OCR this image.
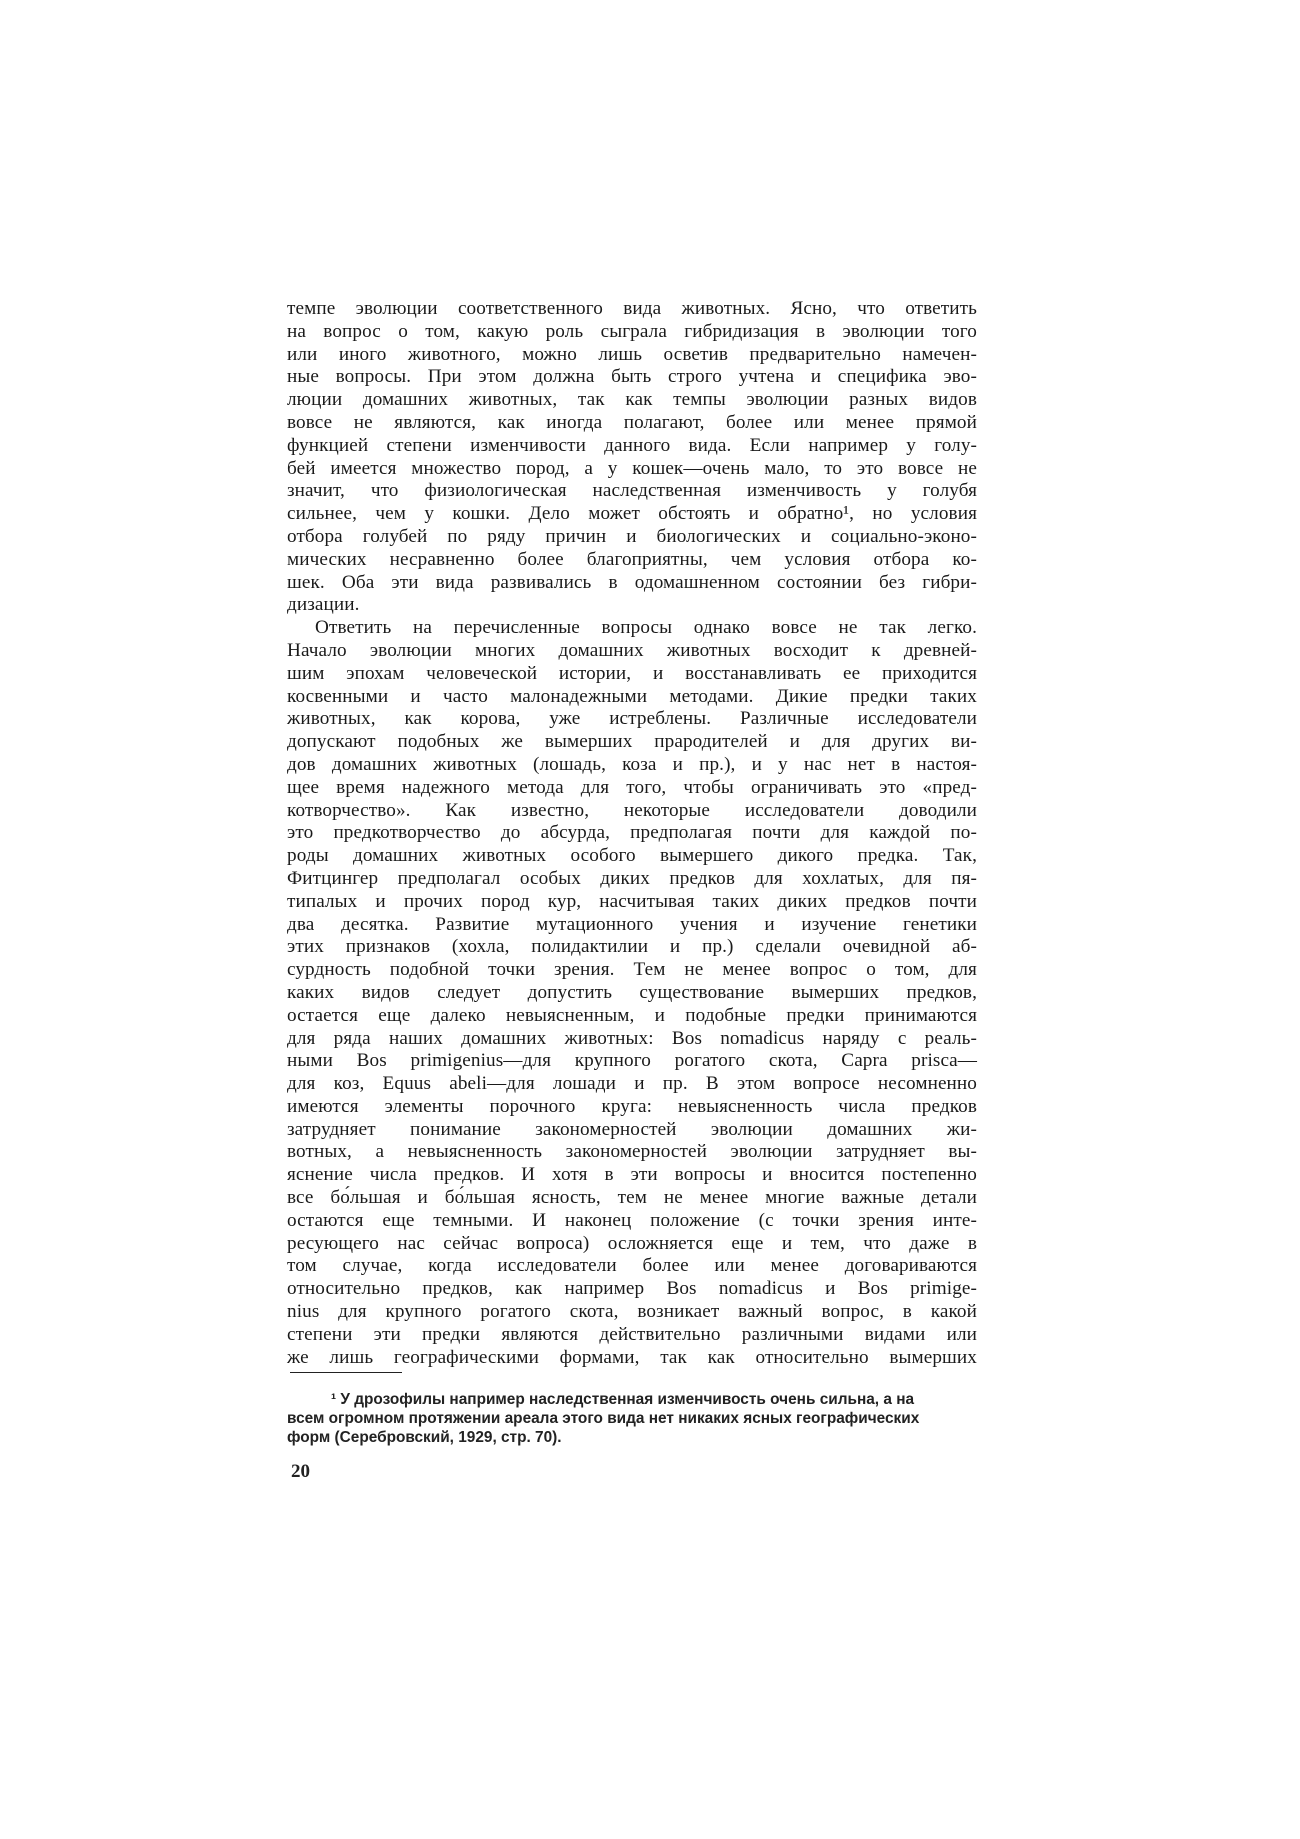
темпе эволюции соответственного вида животных. Ясно, что ответить
на вопрос о том, какую роль сыграла гибридизация в эволюции того
или иного животного, можно лишь осветив предварительно намечен-
ные вопросы. При этом должна быть строго учтена и специфика эво-
люции домашних животных, так как темпы эволюции разных видов
вовсе не являются, как иногда полагают, более или менее прямой
функцией степени изменчивости данного вида. Если например у голу-
бей имеется множество пород, а у кошек—очень мало, то это вовсе не
значит, что физиологическая наследственная изменчивость у голубя
сильнее, чем у кошки. Дело может обстоять и обратно¹, но условия
отбора голубей по ряду причин и биологических и социально-эконо-
мических несравненно более благоприятны, чем условия отбора ко-
шек. Оба эти вида развивались в одомашненном состоянии без гибри-
дизации.
Ответить на перечисленные вопросы однако вовсе не так легко.
Начало эволюции многих домашних животных восходит к древней-
шим эпохам человеческой истории, и восстанавливать ее приходится
косвенными и часто малонадежными методами. Дикие предки таких
животных, как корова, уже истреблены. Различные исследователи
допускают подобных же вымерших прародителей и для других ви-
дов домашних животных (лошадь, коза и пр.), и у нас нет в настоя-
щее время надежного метода для того, чтобы ограничивать это «пред-
котворчество». Как известно, некоторые исследователи доводили
это предкотворчество до абсурда, предполагая почти для каждой по-
роды домашних животных особого вымершего дикого предка. Так,
Фитцингер предполагал особых диких предков для хохлатых, для пя-
типалых и прочих пород кур, насчитывая таких диких предков почти
два десятка. Развитие мутационного учения и изучение генетики
этих признаков (хохла, полидактилии и пр.) сделали очевидной аб-
сурдность подобной точки зрения. Тем не менее вопрос о том, для
каких видов следует допустить существование вымерших предков,
остается еще далеко невыясненным, и подобные предки принимаются
для ряда наших домашних животных: Bos nomadicus наряду с реаль-
ными Bos primigenius—для крупного рогатого скота, Capra prisca—
для коз, Equus abeli—для лошади и пр. В этом вопросе несомненно
имеются элементы порочного круга: невыясненность числа предков
затрудняет понимание закономерностей эволюции домашних жи-
вотных, а невыясненность закономерностей эволюции затрудняет вы-
яснение числа предков. И хотя в эти вопросы и вносится постепенно
все бо́льшая и бо́льшая ясность, тем не менее многие важные детали
остаются еще темными. И наконец положение (с точки зрения инте-
ресующего нас сейчас вопроса) осложняется еще и тем, что даже в
том случае, когда исследователи более или менее договариваются
относительно предков, как например Bos nomadicus и Bos primige-
nius для крупного рогатого скота, возникает важный вопрос, в какой
степени эти предки являются действительно различными видами или
же лишь географическими формами, так как относительно вымерших
¹ У дрозофилы например наследственная изменчивость очень сильна, а на
всем огромном протяжении ареала этого вида нет никаких ясных географических
форм (Серебровский, 1929, стр. 70).
20
